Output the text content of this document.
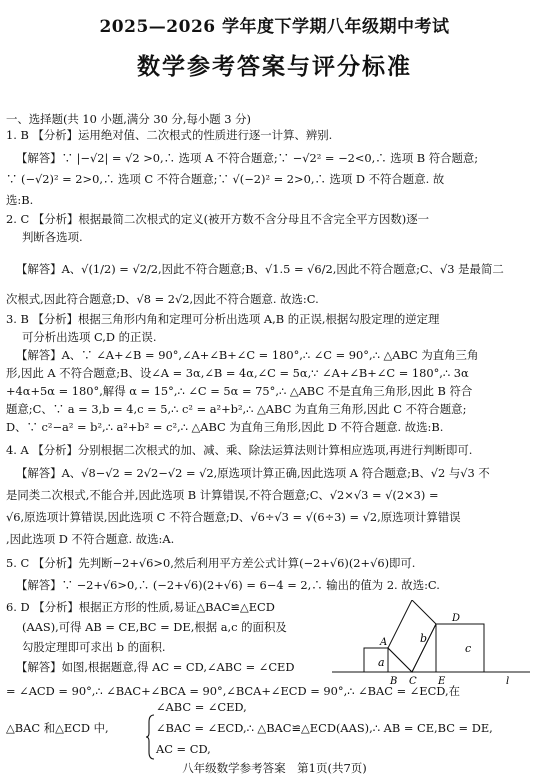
2025—2026 学年度下学期八年级期中考试
数学参考答案与评分标准
一、选择题(共 10 小题,满分 30 分,每小题 3 分)
1. B 【分析】运用绝对值、二次根式的性质进行逐一计算、辨别.
【解答】∵ |−√2| = √2 >0,∴ 选项 A 不符合题意;∵ −√2² = −2<0,∴ 选项 B 符合题意;
∵ (−√2)² = 2>0,∴ 选项 C 不符合题意;∵ √(−2)² = 2>0,∴ 选项 D 不符合题意. 故
选:B.
2. C 【分析】根据最简二次根式的定义(被开方数不含分母且不含完全平方因数)逐一
判断各选项.
【解答】A、√(1/2) = √2/2,因此不符合题意;B、√1.5 = √6/2,因此不符合题意;C、√3 是最简二
次根式,因此符合题意;D、√8 = 2√2,因此不符合题意. 故选:C.
3. B 【分析】根据三角形内角和定理可分析出选项 A,B 的正误,根据勾股定理的逆定理
可分析出选项 C,D 的正误.
【解答】A、∵ ∠A+∠B = 90°,∠A+∠B+∠C = 180°,∴ ∠C = 90°,∴ △ABC 为直角三角
形,因此 A 不符合题意;B、设∠A = 3α,∠B = 4α,∠C = 5α,∵ ∠A+∠B+∠C = 180°,∴ 3α
+4α+5α = 180°,解得 α = 15°,∴ ∠C = 5α = 75°,∴ △ABC 不是直角三角形,因此 B 符合
题意;C、∵ a = 3,b = 4,c = 5,∴ c² = a²+b²,∴ △ABC 为直角三角形,因此 C 不符合题意;
D、∵ c²−a² = b²,∴ a²+b² = c²,∴ △ABC 为直角三角形,因此 D 不符合题意. 故选:B.
4. A 【分析】分别根据二次根式的加、减、乘、除法运算法则计算相应选项,再进行判断即可.
【解答】A、√8−√2 = 2√2−√2 = √2,原选项计算正确,因此选项 A 符合题意;B、√2 与√3 不
是同类二次根式,不能合并,因此选项 B 计算错误,不符合题意;C、√2×√3 = √(2×3) =
√6,原选项计算错误,因此选项 C 不符合题意;D、√6÷√3 = √(6÷3) = √2,原选项计算错误
,因此选项 D 不符合题意. 故选:A.
5. C 【分析】先判断−2+√6>0,然后利用平方差公式计算(−2+√6)(2+√6)即可.
【解答】∵ −2+√6>0,∴ (−2+√6)(2+√6) = 6−4 = 2,∴ 输出的值为 2. 故选:C.
6. D 【分析】根据正方形的性质,易证△BAC≌△ECD
(AAS),可得 AB = CE,BC = DE,根据 a,c 的面积及
勾股定理即可求出 b 的面积.
【解答】如图,根据题意,得 AC = CD,∠ABC = ∠CED
= ∠ACD = 90°,∴ ∠BAC+∠BCA = 90°,∠BCA+∠ECD = 90°,∴ ∠BAC = ∠ECD,在
△BAC 和△ECD 中,
∠ABC = ∠CED,
∠BAC = ∠ECD,∴ △BAC≌△ECD(AAS),∴ AB = CE,BC = DE,
AC = CD,
a
b
c
A
B C
D
E	l
八年级数学参考答案　第1页(共7页)
